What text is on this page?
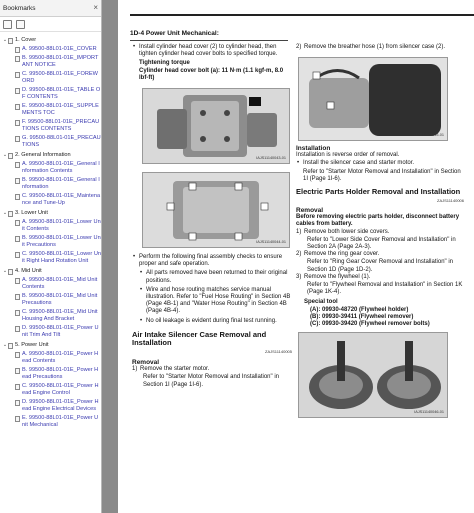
Bookmarks	×
⌄ 1. Cover
A. 99500-88L01-01E_COVER
B. 99500-88L01-01E_IMPORTANT NOTICE
C. 99500-88L01-01E_FOREWORD
D. 99500-88L01-01E_TABLE OF CONTENTS
E. 99500-88L01-01E_SUPPLEMENTS TOC
F. 99500-88L01-01E_PRECAUTIONS CONTENTS
G. 99500-88L01-01E_PRECAUTIONS
⌄ 2. General Information
A. 99500-88L01-01E_General Information Contents
B. 99500-88L01-01E_General Information
C. 99500-88L01-01E_Maintenance and Tune-Up
⌄ 3. Lower Unit
A. 99500-88L01-01E_Lower Unit Contents
B. 99500-88L01-01E_Lower Unit Precautions
C. 99500-88L01-01E_Lower Unit Right Hand Rotation Unit
⌄ 4. Mid Unit
A. 99500-88L01-01E_Mid Unit Contents
B. 99500-88L01-01E_Mid Unit Precautions
C. 99500-88L01-01E_Mid Unit Housing And Bracket
D. 99500-88L01-01E_Power Unit Trim And Tilt
⌄ 5. Power Unit
A. 99500-88L01-01E_Power Head Contents
B. 99500-88L01-01E_Power Head Precautions
C. 99500-88L01-01E_Power Head Engine Control
D. 99500-88L01-01E_Power Head Engine Electrical Devices
E. 99500-88L01-01E_Power Unit Mechanical
1D-4 Power Unit Mechanical:
• Install cylinder head cover (2) to cylinder head, then tighten cylinder head cover bolts to specified torque.
Tightening torque
Cylinder head cover bolt (a): 11 N·m (1.1 kgf-m, 8.0 lbf-ft)
IAJS11140043-01
IAJS11140044-01
• Perform the following final assembly checks to ensure proper and safe operation.
• All parts removed have been returned to their original positions.
• Wire and hose routing matches service manual illustration. Refer to "Fuel Hose Routing" in Section 4B (Page 4B-1) and "Water Hose Routing" in Section 4B (Page 4B-4).
• No oil leakage is evident during final test running.
Air Intake Silencer Case Removal and Installation
ZAJS11140005
Removal
1) Remove the starter motor.
Refer to "Starter Motor Removal and Installation" in Section 1I (Page 1I-6).
2) Remove the breather hose (1) from silencer case (2).
IAJS11140045-01
Installation
Installation is reverse order of removal.
• Install the silencer case and starter motor.
Refer to "Starter Motor Removal and Installation" in Section 1I (Page 1I-6).
Electric Parts Holder Removal and Installation
ZAJS11140006
Removal
Before removing electric parts holder, disconnect battery cables from battery.
1) Remove both lower side covers.
Refer to "Lower Side Cover Removal and Installation" in Section 2A (Page 2A-3).
2) Remove the ring gear cover.
Refer to "Ring Gear Cover Removal and Installation" in Section 1D (Page 1D-2).
3) Remove the flywheel (1).
Refer to "Flywheel Removal and Installation" in Section 1K (Page 1K-4).
Special tool
(A): 09930-48720 (Flywheel holder)
(B): 09930-39411 (Flywheel remover)
(C): 09930-39420 (Flywheel remover bolts)
IAJS11140046-01
